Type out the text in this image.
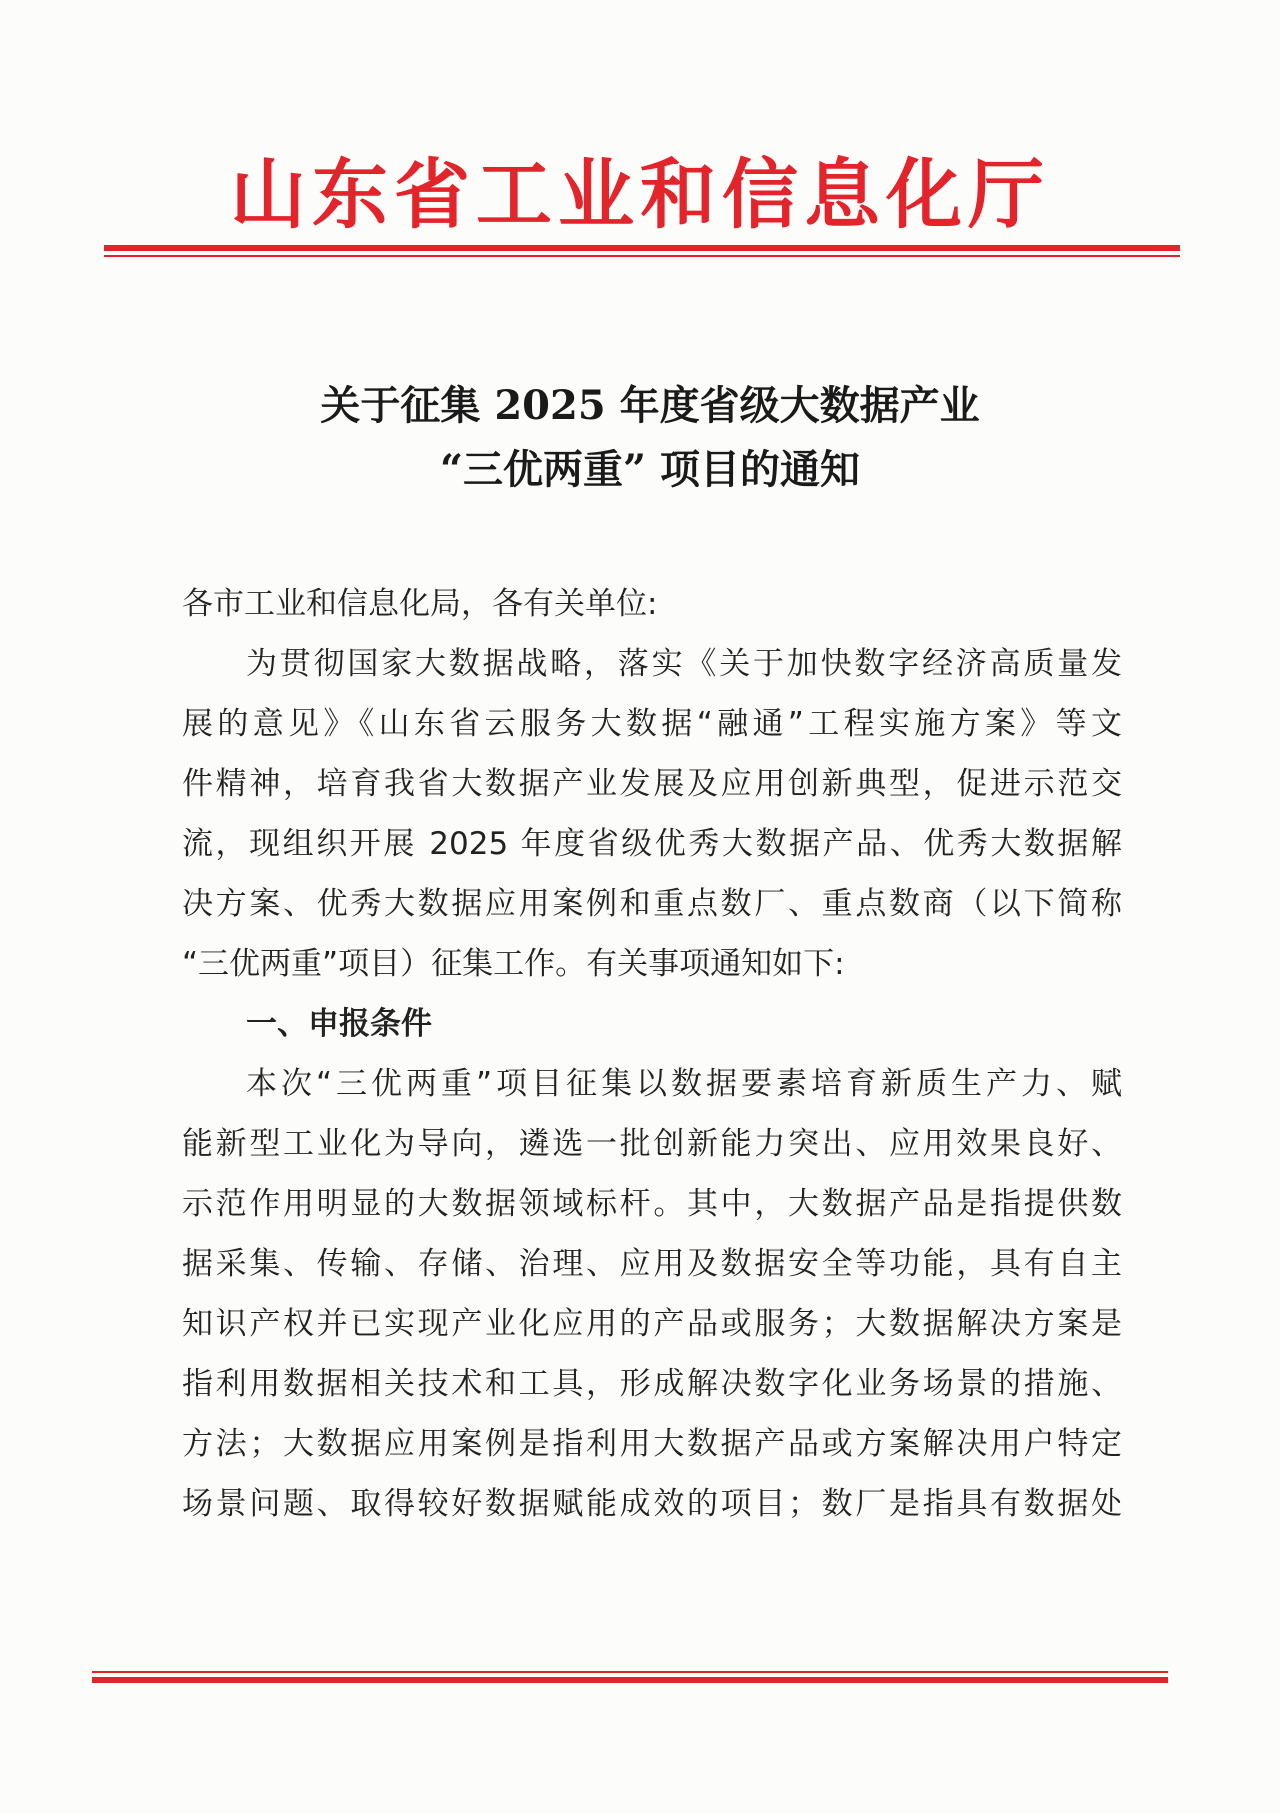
山东省工业和信息化厅
关于征集 2025 年度省级大数据产业
“三优两重” 项目的通知
各市工业和信息化局，各有关单位:
为贯彻国家大数据战略，落实《关于加快数字经济高质量发
展的意见》《山东省云服务大数据“融通”工程实施方案》等文
件精神，培育我省大数据产业发展及应用创新典型，促进示范交
流，现组织开展 2025 年度省级优秀大数据产品、优秀大数据解
决方案、优秀大数据应用案例和重点数厂、重点数商（以下简称
“三优两重”项目）征集工作。有关事项通知如下:
一、申报条件
本次“三优两重”项目征集以数据要素培育新质生产力、赋
能新型工业化为导向，遴选一批创新能力突出、应用效果良好、
示范作用明显的大数据领域标杆。其中，大数据产品是指提供数
据采集、传输、存储、治理、应用及数据安全等功能，具有自主
知识产权并已实现产业化应用的产品或服务；大数据解决方案是
指利用数据相关技术和工具，形成解决数字化业务场景的措施、
方法；大数据应用案例是指利用大数据产品或方案解决用户特定
场景问题、取得较好数据赋能成效的项目；数厂是指具有数据处
